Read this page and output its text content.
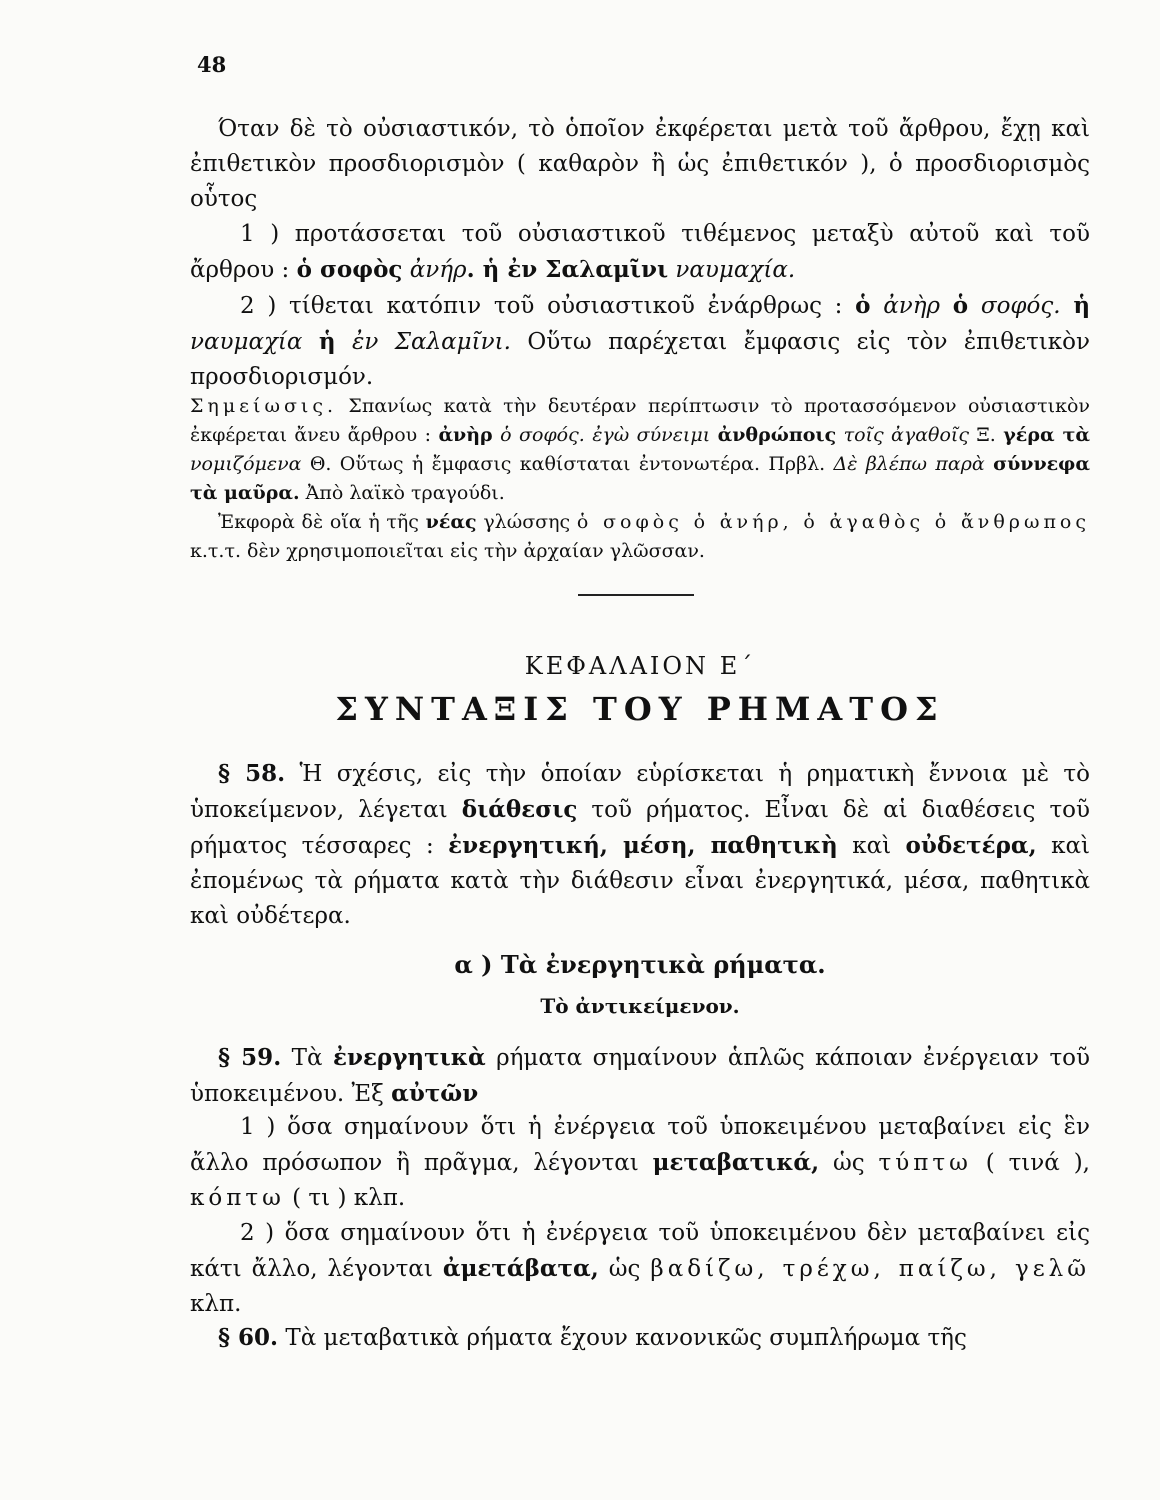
48

Όταν δὲ τὸ οὐσιαστικόν, τὸ ὁποῖον ἐκφέρεται μετὰ τοῦ ἄρθρου, ἔχῃ καὶ ἐπιθετικὸν προσδιορισμὸν ( καθαρὸν ἢ ὡς ἐπιθετικόν ), ὁ προσδιορισμὸς οὗτος

1 ) προτάσσεται τοῦ οὐσιαστικοῦ τιθέμενος μεταξὺ αὐτοῦ καὶ τοῦ ἄρθρου : ὁ σοφὸς ἀνήρ. ἡ ἐν Σαλαμῖνι ναυμαχία.

2 ) τίθεται κατόπιν τοῦ οὐσιαστικοῦ ἐνάρθρως : ὁ ἀνὴρ ὁ σοφός. ἡ ναυμαχία ἡ ἐν Σαλαμῖνι. Οὕτω παρέχεται ἔμφασις εἰς τὸν ἐπιθετικὸν προσδιορισμόν.

Σημείωσις. Σπανίως κατὰ τὴν δευτέραν περίπτωσιν τὸ προτασσόμενον οὐσιαστικὸν ἐκφέρεται ἄνευ ἄρθρου : ἀνὴρ ὁ σοφός. ἐγὼ σύνειμι ἀνθρώποις τοῖς ἀγαθοῖς Ξ. γέρα τὰ νομιζόμενα Θ. Οὕτως ἡ ἔμφασις καθίσταται ἐντονωτέρα. Πρβλ. Δὲ βλέπω παρὰ σύννεφα τὰ μαῦρα. Ἀπὸ λαϊκὸ τραγούδι.

Ἐκφορὰ δὲ οἵα ἡ τῆς νέας γλώσσης ὁ σοφὸς ὁ ἀνήρ, ὁ ἀγαθὸς ὁ ἄνθρωπος κ.τ.τ. δὲν χρησιμοποιεῖται εἰς τὴν ἀρχαίαν γλῶσσαν.

ΚΕΦΑΛΑΙΟΝ Ε΄
ΣΥΝΤΑΞΙΣ ΤΟΥ ΡΗΜΑΤΟΣ

§ 58. Ἡ σχέσις, εἰς τὴν ὁποίαν εὑρίσκεται ἡ ρηματικὴ ἔννοια μὲ τὸ ὑποκείμενον, λέγεται διάθεσις τοῦ ρήματος. Εἶναι δὲ αἱ διαθέσεις τοῦ ρήματος τέσσαρες : ἐνεργητική, μέση, παθητικὴ καὶ οὐδετέρα, καὶ ἐπομένως τὰ ρήματα κατὰ τὴν διάθεσιν εἶναι ἐνεργητικά, μέσα, παθητικὰ καὶ οὐδέτερα.

α ) Τὰ ἐνεργητικὰ ρήματα.
Τὸ ἀντικείμενον.

§ 59. Τὰ ἐνεργητικὰ ρήματα σημαίνουν ἁπλῶς κάποιαν ἐνέργειαν τοῦ ὑποκειμένου. Ἐξ αὐτῶν

1 ) ὅσα σημαίνουν ὅτι ἡ ἐνέργεια τοῦ ὑποκειμένου μεταβαίνει εἰς ἓν ἄλλο πρόσωπον ἢ πρᾶγμα, λέγονται μεταβατικά, ὡς τύπτω ( τινά ), κόπτω ( τι ) κλπ.

2 ) ὅσα σημαίνουν ὅτι ἡ ἐνέργεια τοῦ ὑποκειμένου δὲν μεταβαίνει εἰς κάτι ἄλλο, λέγονται ἀμετάβατα, ὡς βαδίζω, τρέχω, παίζω, γελῶ κλπ.

§ 60. Τὰ μεταβατικὰ ρήματα ἔχουν κανονικῶς συμπλήρωμα τῆς
